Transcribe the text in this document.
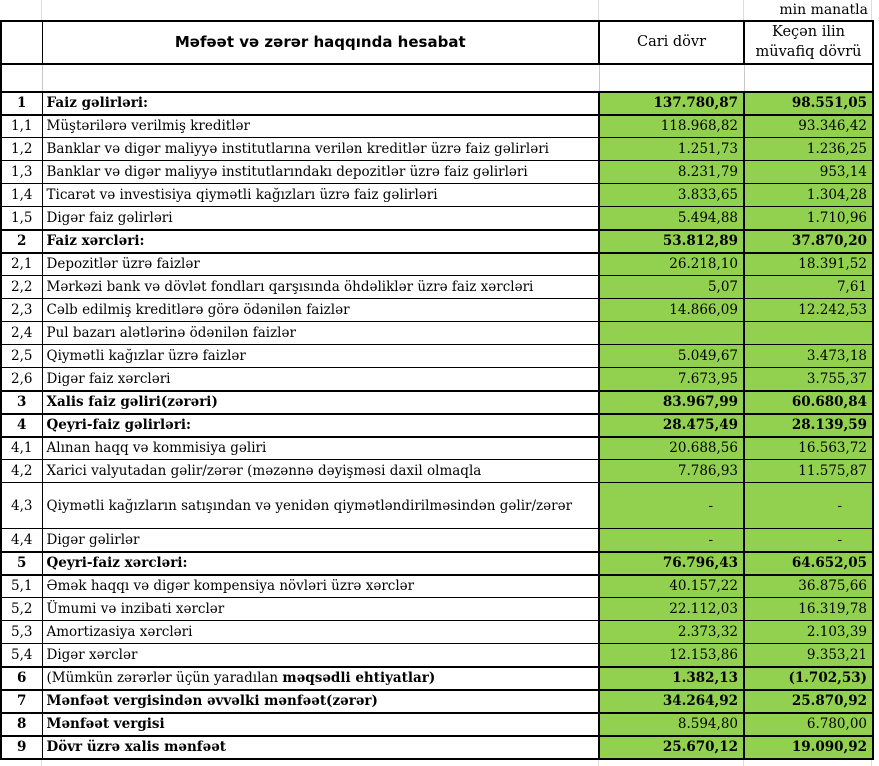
min manatla
	Məfəət və zərər haqqında hesabat	Cari dövr	Keçən ilin
müvafiq dövrü

1	Faiz gəlirləri:	137.780,87	98.551,05
1,1	Müştərilərə verilmiş kreditlər	118.968,82	93.346,42
1,2	Banklar və digər maliyyə institutlarına verilən kreditlər üzrə faiz gəlirləri	1.251,73	1.236,25
1,3	Banklar və digər maliyyə institutlarındakı depozitlər üzrə faiz gəlirləri	8.231,79	953,14
1,4	Ticarət və investisiya qiymətli kağızları üzrə faiz gəlirləri	3.833,65	1.304,28
1,5	Digər faiz gəlirləri	5.494,88	1.710,96
2	Faiz xərcləri:	53.812,89	37.870,20
2,1	Depozitlər üzrə faizlər	26.218,10	18.391,52
2,2	Mərkəzi bank və dövlət fondları qarşısında öhdəliklər üzrə faiz xərcləri	5,07	7,61
2,3	Cəlb edilmiş kreditlərə görə ödənilən faizlər	14.866,09	12.242,53
2,4	Pul bazarı alətlərinə ödənilən faizlər		
2,5	Qiymətli kağızlar üzrə faizlər	5.049,67	3.473,18
2,6	Digər faiz xərcləri	7.673,95	3.755,37
3	Xalis faiz gəliri(zərəri)	83.967,99	60.680,84
4	Qeyri-faiz gəlirləri:	28.475,49	28.139,59
4,1	Alınan haqq və kommisiya gəliri	20.688,56	16.563,72
4,2	Xarici valyutadan gəlir/zərər (məzənnə dəyişməsi daxil olmaqla	7.786,93	11.575,87
4,3	Qiymətli kağızların satışından və yenidən qiymətləndirilməsindən gəlir/zərər	-	-
4,4	Digər gəlirlər	-	-
5	Qeyri-faiz xərcləri:	76.796,43	64.652,05
5,1	Əmək haqqı və digər kompensiya növləri üzrə xərclər	40.157,22	36.875,66
5,2	Ümumi və inzibati xərclər	22.112,03	16.319,78
5,3	Amortizasiya xərcləri	2.373,32	2.103,39
5,4	Digər xərclər	12.153,86	9.353,21
6	(Mümkün zərərlər üçün yaradılan məqsədli ehtiyatlar)	1.382,13	(1.702,53)
7	Mənfəət vergisindən əvvəlki mənfəət(zərər)	34.264,92	25.870,92
8	Mənfəət vergisi	8.594,80	6.780,00
9	Dövr üzrə xalis mənfəət	25.670,12	19.090,92
